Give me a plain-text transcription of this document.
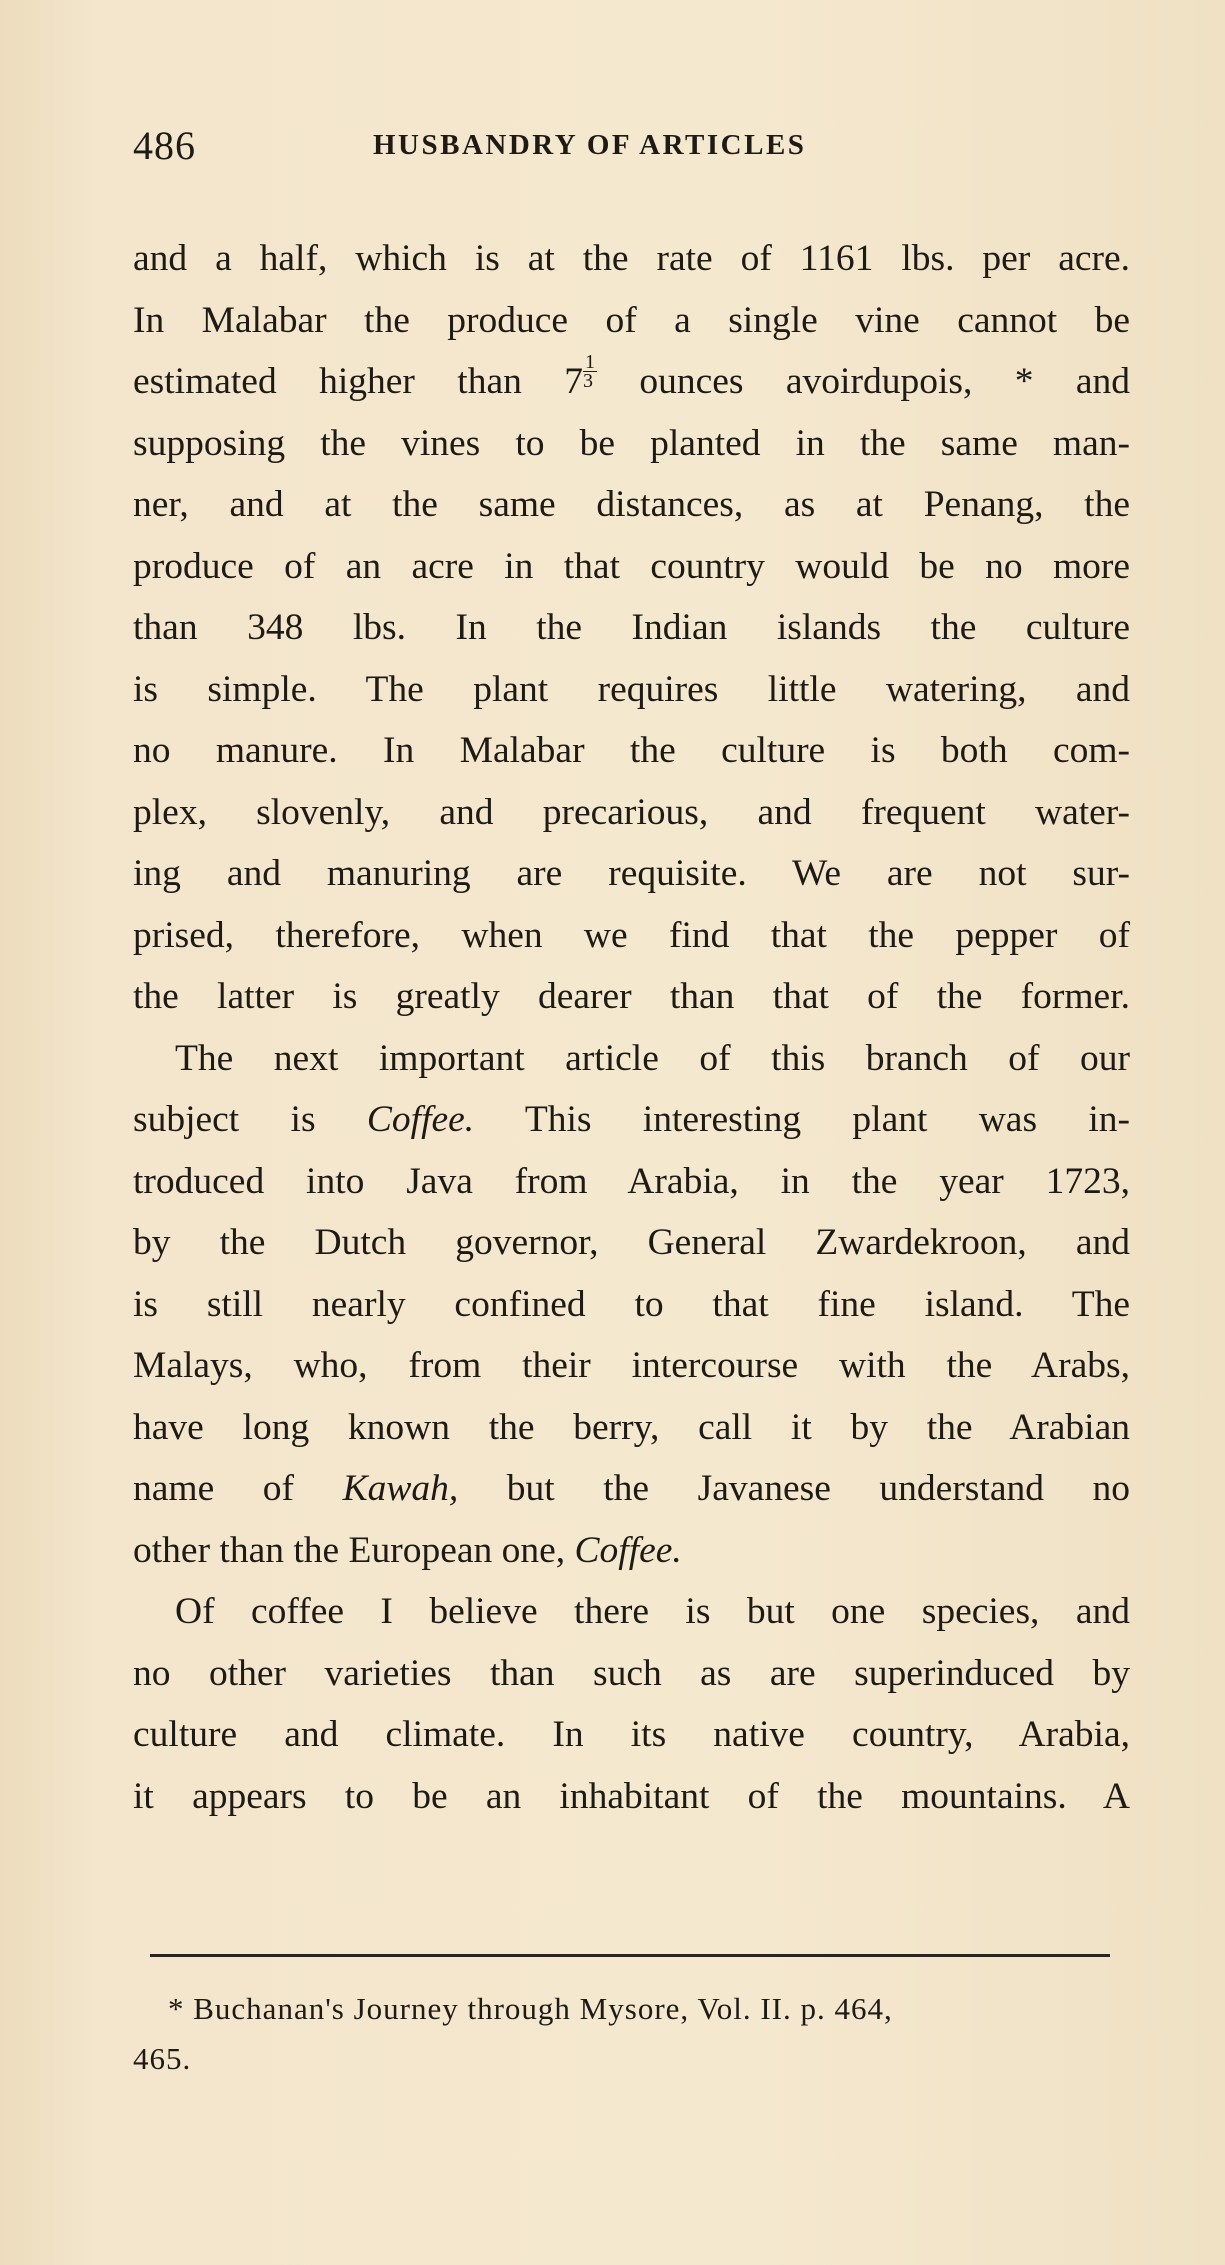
486	HUSBANDRY OF ARTICLES
and a half, which is at the rate of 1161 lbs. per acre.
In Malabar the produce of a single vine cannot be
estimated higher than $7 \frac{1}{3}$ ounces avoirdupois, * and
supposing the vines to be planted in the same man-
ner, and at the same distances, as at Penang, the
produce of an acre in that country would be no more
than 348 lbs. In the Indian islands the culture
is simple. The plant requires little watering, and
no manure. In Malabar the culture is both com-
plex, slovenly, and precarious, and frequent water-
ing and manuring are requisite. We are not sur-
prised, therefore, when we find that the pepper of
the latter is greatly dearer than that of the former.
The next important article of this branch of our
subject is Coffee. This interesting plant was in-
troduced into Java from Arabia, in the year 1723,
by the Dutch governor, General Zwardekroon, and
is still nearly confined to that fine island. The
Malays, who, from their intercourse with the Arabs,
have long known the berry, call it by the Arabian
name of Kawah, but the Javanese understand no
other than the European one, Coffee.
Of coffee I believe there is but one species, and
no other varieties than such as are superinduced by
culture and climate. In its native country, Arabia,
it appears to be an inhabitant of the mountains. A
* Buchanan's Journey through Mysore, Vol. II. p. 464,
465.
